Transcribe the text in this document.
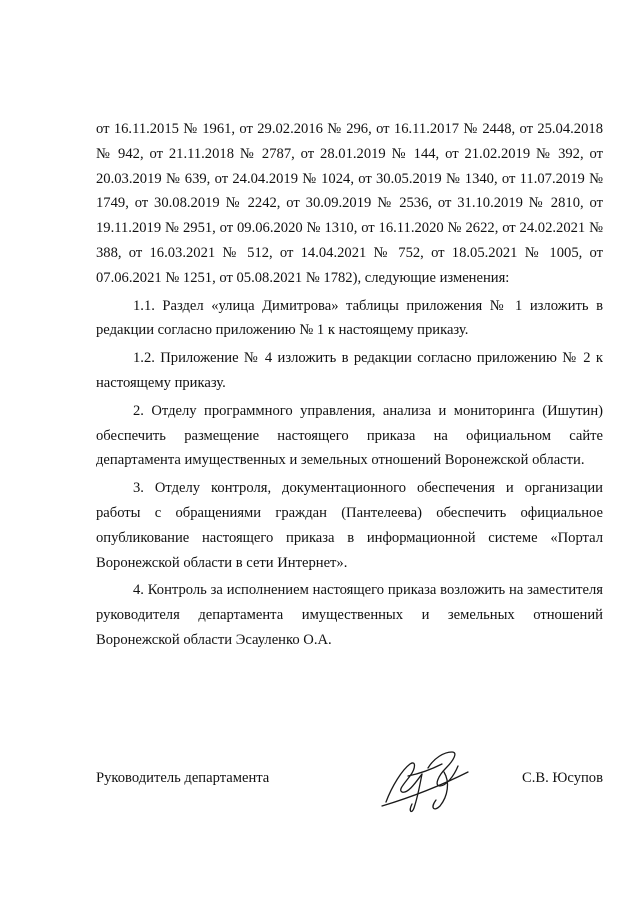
от 16.11.2015 № 1961, от 29.02.2016 № 296, от 16.11.2017 № 2448, от 25.04.2018 № 942, от 21.11.2018 № 2787, от 28.01.2019 № 144, от 21.02.2019 № 392, от 20.03.2019 № 639, от 24.04.2019 № 1024, от 30.05.2019 № 1340, от 11.07.2019 № 1749, от 30.08.2019 № 2242, от 30.09.2019 № 2536, от 31.10.2019 № 2810, от 19.11.2019 № 2951, от 09.06.2020 № 1310, от 16.11.2020 № 2622, от 24.02.2021 № 388, от 16.03.2021 № 512, от 14.04.2021 № 752, от 18.05.2021 № 1005, от 07.06.2021 № 1251, от 05.08.2021 № 1782), следующие изменения:

1.1. Раздел «улица Димитрова» таблицы приложения № 1 изложить в редакции согласно приложению № 1 к настоящему приказу.

1.2. Приложение № 4 изложить в редакции согласно приложению № 2 к настоящему приказу.

2. Отделу программного управления, анализа и мониторинга (Ишутин) обеспечить размещение настоящего приказа на официальном сайте департамента имущественных и земельных отношений Воронежской области.

3. Отделу контроля, документационного обеспечения и организации работы с обращениями граждан (Пантелеева) обеспечить официальное опубликование настоящего приказа в информационной системе «Портал Воронежской области в сети Интернет».

4. Контроль за исполнением настоящего приказа возложить на заместителя руководителя департамента имущественных и земельных отношений Воронежской области Эсауленко О.А.

Руководитель департамента	С.В. Юсупов
